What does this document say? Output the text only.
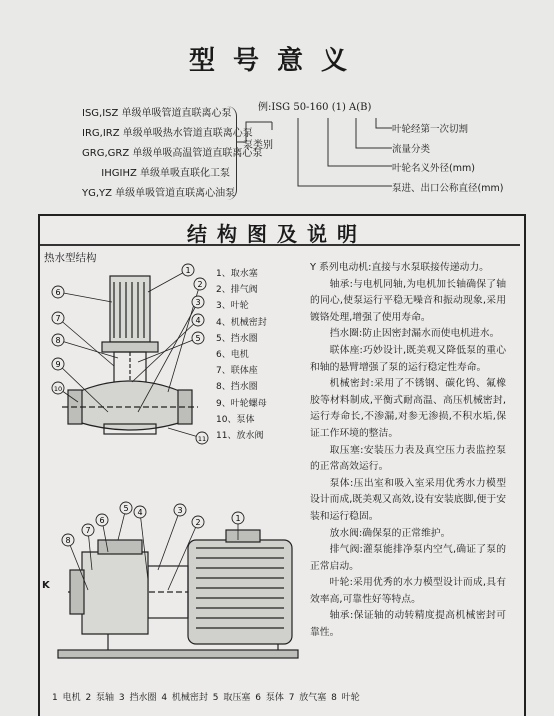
型号意义
ISG,ISZ 单级单吸管道直联离心泵
IRG,IRZ 单级单吸热水管道直联离心泵
GRG,GRZ 单级单吸高温管道直联离心泵
IHGIHZ 单级单吸直联化工泵
YG,YZ 单级单吸管道直联离心油泵
例:ISG 50-160 (1) A(B)
泵类别
叶轮经第一次切割
流量分类
叶轮名义外径(mm)
泵进、出口公称直径(mm)
结构图及说明
热水型结构
1
2
3
4
5
6
7
8
9
10
11
1、取水塞
2、排气阀
3、叶轮
4、机械密封
5、挡水圈
6、电机
7、联体座
8、挡水圈
9、叶轮螺母
10、泵体
11、放水阀

Y 系列电动机:直接与水泵联接传递动力。

轴承:与电机同轴,为电机加长轴确保了轴的同心,使泵运行平稳无噪音和振动现象,采用镀铬处理,增强了使用寿命。

挡水圈:防止因密封漏水而使电机进水。

联体座:巧妙设计,既美观又降低泵的重心和轴的悬臂增强了泵的运行稳定性寿命。

机械密封:采用了不锈钢、碳化钨、氟橡胶等材料制成,平衡式耐高温、高压机械密封,运行寿命长,不渗漏,对参无渗损,不积水垢,保证工作环境的整洁。

取压塞:安装压力表及真空压力表监控泵的正常高效运行。

泵体:压出室和吸入室采用优秀水力模型设计而成,既美观又高效,设有安装底脚,便于安装和运行稳固。

放水阀:确保泵的正常维护。

排气阀:灌泵能排净泵内空气,确证了泵的正常启动。

叶轮:采用优秀的水力模型设计而成,具有效率高,可靠性好等特点。

轴承:保证轴的动转精度提高机械密封可靠性。

1
2
3
4
5
6
7
8
K
1 电机 2 泵轴 3 挡水圈 4 机械密封 5 取压塞 6 泵体 7 放气塞 8 叶轮
